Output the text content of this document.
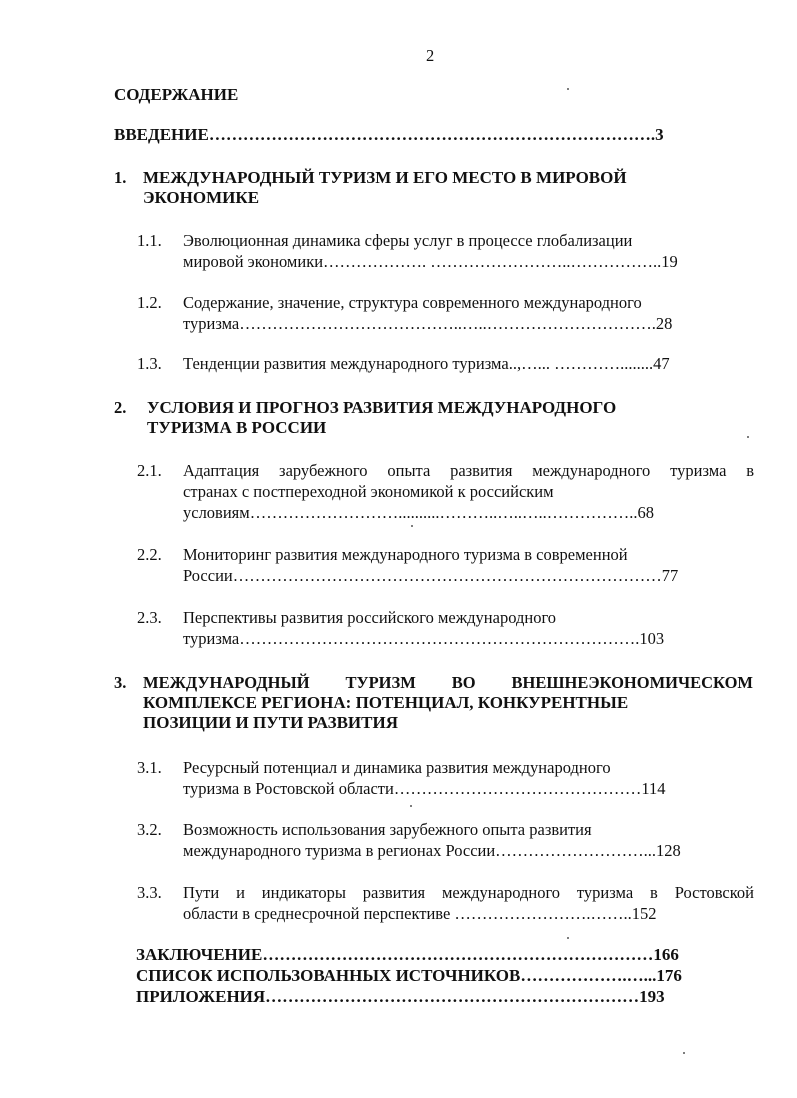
2
СОДЕРЖАНИЕ
ВВЕДЕНИЕ…………………………………………………………………….3
1. МЕЖДУНАРОДНЫЙ ТУРИЗМ И ЕГО МЕСТО В МИРОВОЙ
ЭКОНОМИКЕ
1.1. Эволюционная динамика сферы услуг в процессе глобализации
мировой экономики………………. ……………………..……………..19
1.2. Содержание, значение, структура современного международного
туризма…………………………………..…..………………………….28
1.3. Тенденции развития международного туризма..,…... …………........47
2. УСЛОВИЯ И ПРОГНОЗ РАЗВИТИЯ МЕЖДУНАРОДНОГО
ТУРИЗМА В РОССИИ
2.1. Адаптация зарубежного опыта развития международного туризма в
странах с постпереходной экономикой к российским
условиям………………………..........………..…..…..……………..68
2.2. Мониторинг развития международного туризма в современной
России……………………………………………………………………77
2.3. Перспективы развития российского международного
туризма……………………………………………………………….103
3. МЕЖДУНАРОДНЫЙ ТУРИЗМ ВО ВНЕШНЕЭКОНОМИЧЕСКОМ
КОМПЛЕКСЕ РЕГИОНА: ПОТЕНЦИАЛ, КОНКУРЕНТНЫЕ
ПОЗИЦИИ И ПУТИ РАЗВИТИЯ
3.1. Ресурсный потенциал и динамика развития международного
туризма в Ростовской области………………………………………114
3.2. Возможность использования зарубежного опыта развития
международного туризма в регионах России………………………...128
3.3. Пути и индикаторы развития международного туризма в Ростовской
области в среднесрочной перспективе …………………….……..152
ЗАКЛЮЧЕНИЕ……………………………………………………………166
СПИСОК ИСПОЛЬЗОВАННЫХ ИСТОЧНИКОВ……………….…...176
ПРИЛОЖЕНИЯ…………………………………………………………193
